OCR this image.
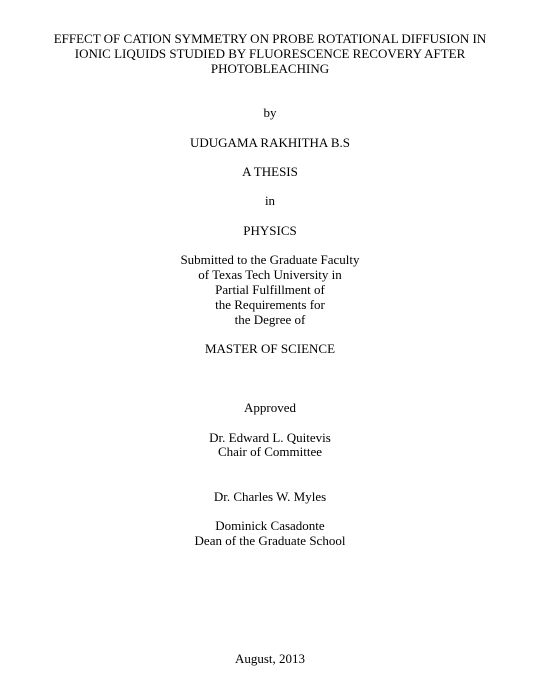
EFFECT OF CATION SYMMETRY ON PROBE ROTATIONAL DIFFUSION IN
IONIC LIQUIDS STUDIED BY FLUORESCENCE RECOVERY AFTER
PHOTOBLEACHING
by
UDUGAMA RAKHITHA B.S
A THESIS
in
PHYSICS
Submitted to the Graduate Faculty
of Texas Tech University in
Partial Fulfillment of
the Requirements for
the Degree of
MASTER OF SCIENCE
Approved
Dr. Edward L. Quitevis
Chair of Committee
Dr. Charles W. Myles
Dominick Casadonte
Dean of the Graduate School
August, 2013
